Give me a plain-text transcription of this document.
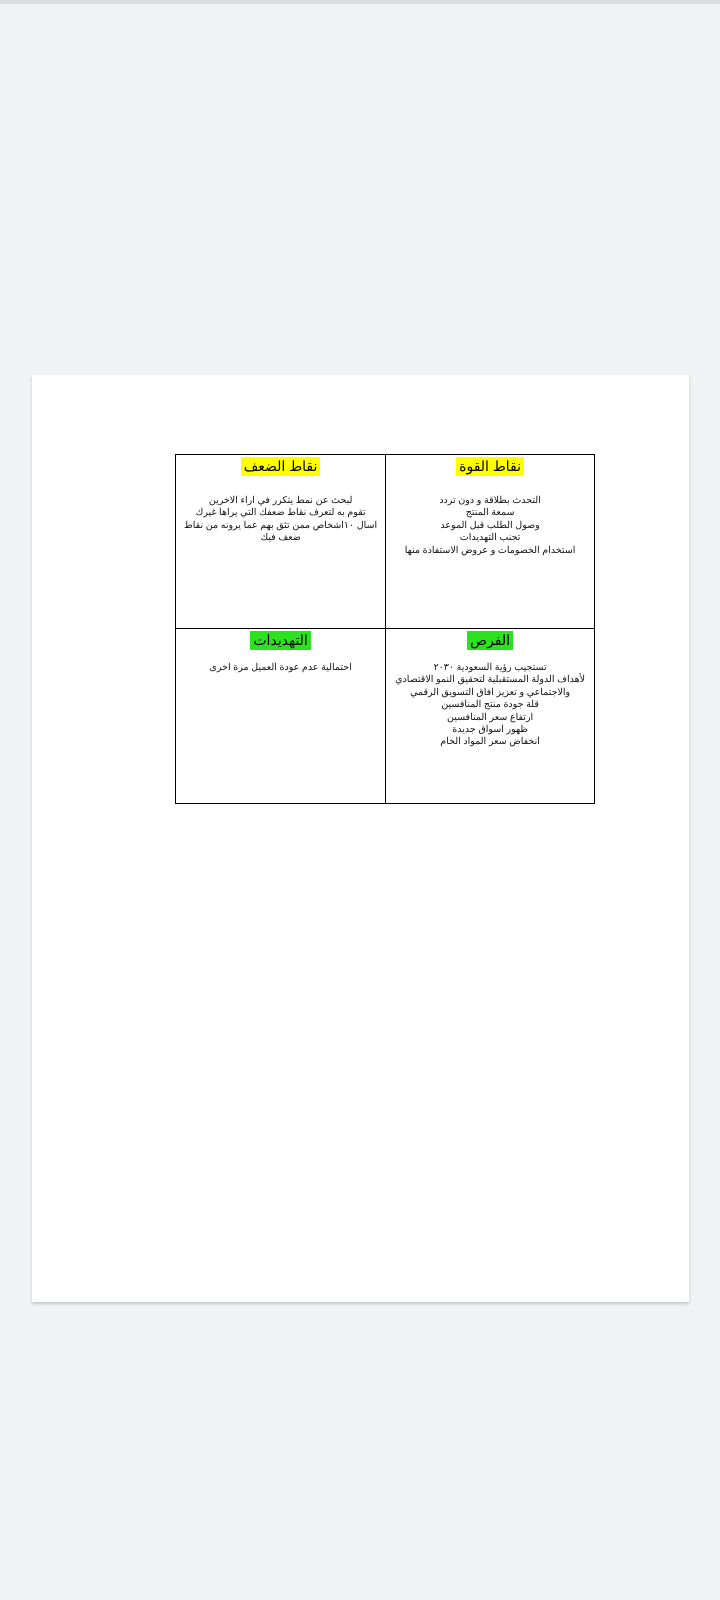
نقاط الضعف
لبحث عن نمط يتكرر في اراء الاخرين
تقوم به لتعرف نقاط ضعفك التي يراها غيرك
اسال ١٠اشخاص ممن تثق بهم عما يرونه من نقاط
ضعف فيك
نقاط القوة
التحدث بطلاقة و دون تردد
سمعة المنتج
وصول الطلب قبل الموعد
تجنب التهديدات
استخدام الخصومات و عروض الاستفادة منها
التهديدات
احتمالية عدم عودة العميل مرة اخرى
الفرص
تستجيب رؤية السعودية ٢٠٣٠
لأهداف الدولة المستقبلية لتحقيق النمو الاقتصادي
والاجتماعي و تعزيز افاق التسويق الرقمي
قلة جودة منتج المنافسين
ارتفاع سعر المنافسين
ظهور اسواق جديدة
انخفاض سعر المواد الخام
